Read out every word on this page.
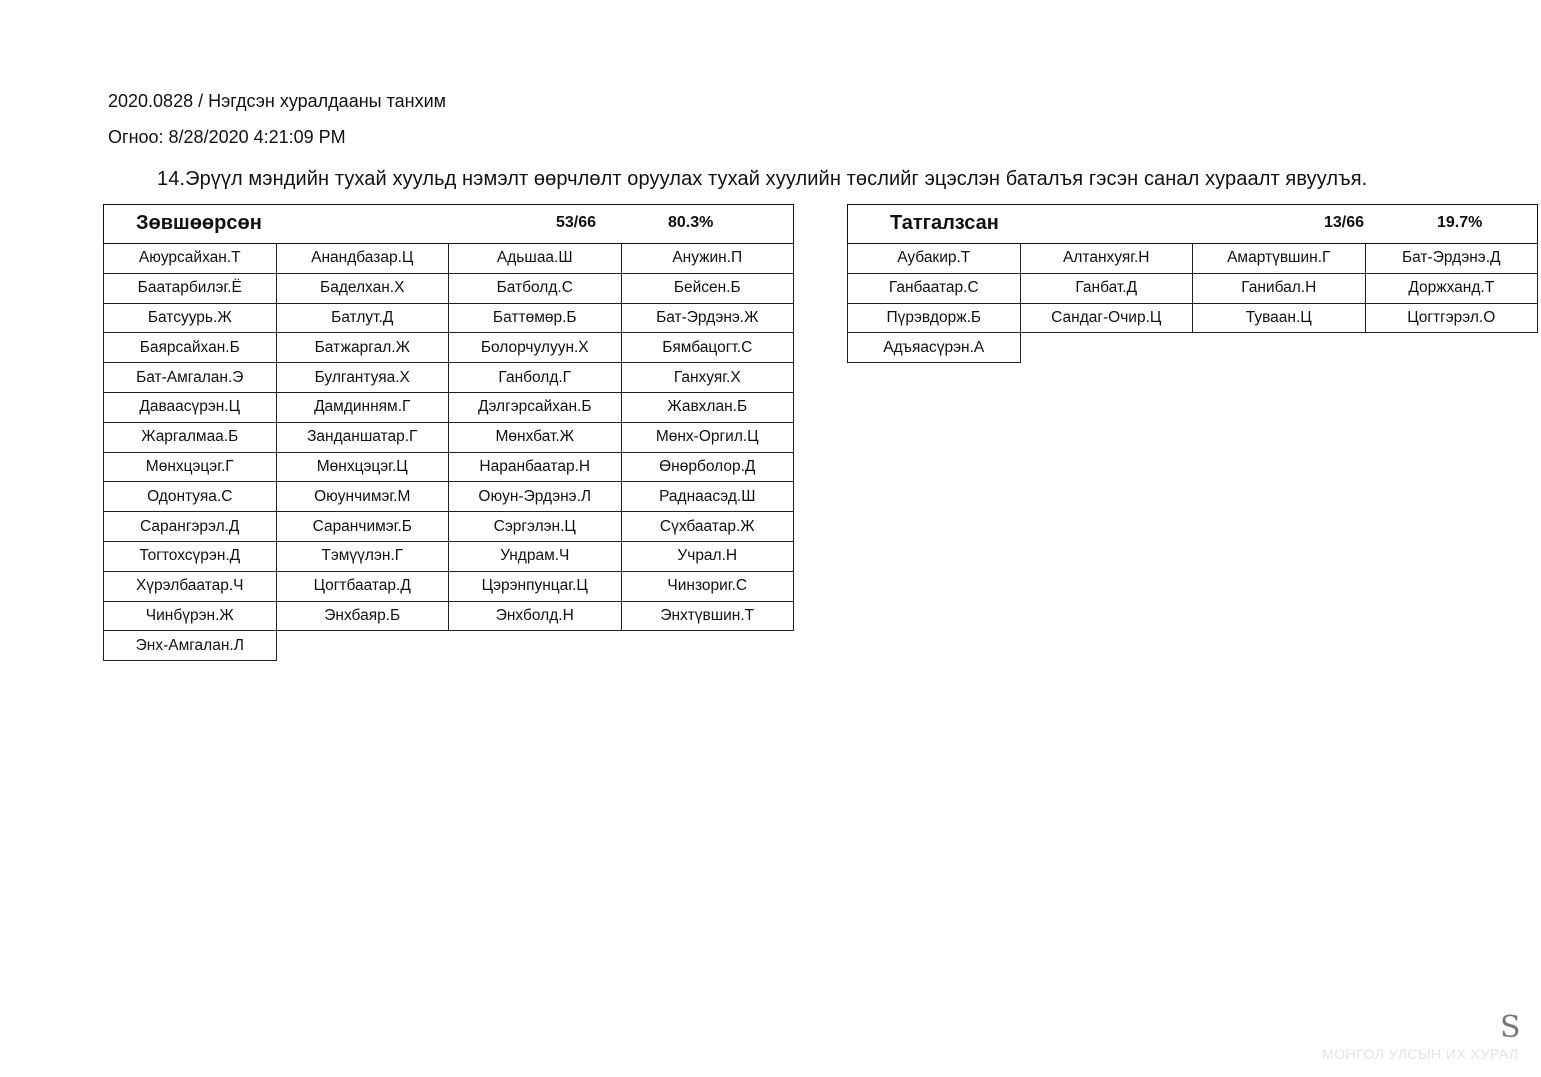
2020.0828 / Нэгдсэн хуралдааны танхим
Огноо: 8/28/2020 4:21:09 PM
14.Эрүүл мэндийн тухай хуульд нэмэлт өөрчлөлт оруулах тухай хуулийн төслийг эцэслэн баталъя гэсэн санал хураалт явуулъя.
Зөвшөөрсөн 53/66 80.3%			

Аюурсайхан.Т	Анандбазар.Ц	Адьшаа.Ш	Анужин.П
Баатарбилэг.Ё	Баделхан.Х	Батболд.С	Бейсен.Б
Батсуурь.Ж	Батлут.Д	Баттөмөр.Б	Бат-Эрдэнэ.Ж
Баярсайхан.Б	Батжаргал.Ж	Болорчулуун.Х	Бямбацогт.С
Бат-Амгалан.Э	Булгантуяа.Х	Ганболд.Г	Ганхуяг.Х
Даваасүрэн.Ц	Дамдинням.Г	Дэлгэрсайхан.Б	Жавхлан.Б
Жаргалмаа.Б	Занданшатар.Г	Мөнхбат.Ж	Мөнх-Оргил.Ц
Мөнхцэцэг.Г	Мөнхцэцэг.Ц	Наранбаатар.Н	Өнөрболор.Д
Одонтуяа.С	Оюунчимэг.М	Оюун-Эрдэнэ.Л	Раднаасэд.Ш
Сарангэрэл.Д	Саранчимэг.Б	Сэргэлэн.Ц	Сүхбаатар.Ж
Тогтохсүрэн.Д	Тэмүүлэн.Г	Ундрам.Ч	Учрал.Н
Хүрэлбаатар.Ч	Цогтбаатар.Д	Цэрэнпунцаг.Ц	Чинзориг.С
Чинбүрэн.Ж	Энхбаяр.Б	Энхболд.Н	Энхтүвшин.Т
Энх-Амгалан.Л			
Татгалзсан 13/66 19.7%			

Аубакир.Т	Алтанхуяг.Н	Амартүвшин.Г	Бат-Эрдэнэ.Д
Ганбаатар.С	Ганбат.Д	Ганибал.Н	Доржханд.Т
Пүрэвдорж.Б	Сандаг-Очир.Ц	Туваан.Ц	Цогтгэрэл.О
Адъяасүрэн.А			
S
МОНГОЛ УЛСЫН ИХ ХУРАЛ
